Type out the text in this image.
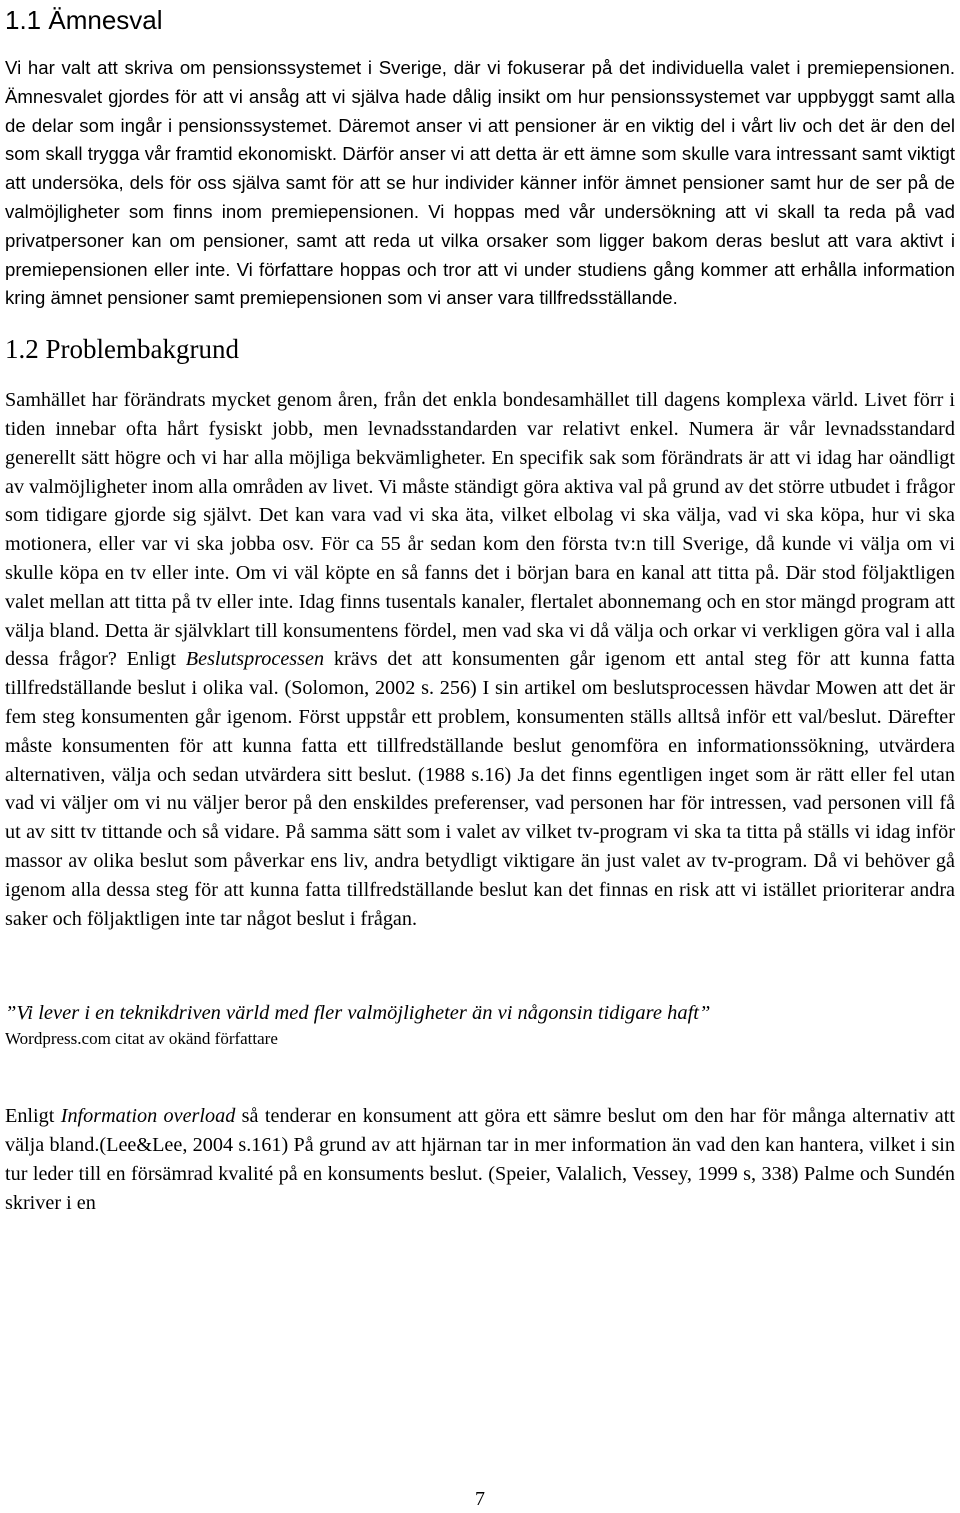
1.1 Ämnesval

Vi har valt att skriva om pensionssystemet i Sverige, där vi fokuserar på det individuella valet i premiepensionen. Ämnesvalet gjordes för att vi ansåg att vi själva hade dålig insikt om hur pensionssystemet var uppbyggt samt alla de delar som ingår i pensionssystemet. Däremot anser vi att pensioner är en viktig del i vårt liv och det är den del som skall trygga vår framtid ekonomiskt. Därför anser vi att detta är ett ämne som skulle vara intressant samt viktigt att undersöka, dels för oss själva samt för att se hur individer känner inför ämnet pensioner samt hur de ser på de valmöjligheter som finns inom premiepensionen. Vi hoppas med vår undersökning att vi skall ta reda på vad privatpersoner kan om pensioner, samt att reda ut vilka orsaker som ligger bakom deras beslut att vara aktivt i premiepensionen eller inte. Vi författare hoppas och tror att vi under studiens gång kommer att erhålla information kring ämnet pensioner samt premiepensionen som vi anser vara tillfredsställande.

1.2 Problembakgrund

Samhället har förändrats mycket genom åren, från det enkla bondesamhället till dagens komplexa värld. Livet förr i tiden innebar ofta hårt fysiskt jobb, men levnadsstandarden var relativt enkel. Numera är vår levnadsstandard generellt sätt högre och vi har alla möjliga bekvämligheter. En specifik sak som förändrats är att vi idag har oändligt av valmöjligheter inom alla områden av livet. Vi måste ständigt göra aktiva val på grund av det större utbudet i frågor som tidigare gjorde sig självt. Det kan vara vad vi ska äta, vilket elbolag vi ska välja, vad vi ska köpa, hur vi ska motionera, eller var vi ska jobba osv. För ca 55 år sedan kom den första tv:n till Sverige, då kunde vi välja om vi skulle köpa en tv eller inte. Om vi väl köpte en så fanns det i början bara en kanal att titta på. Där stod följaktligen valet mellan att titta på tv eller inte. Idag finns tusentals kanaler, flertalet abonnemang och en stor mängd program att välja bland. Detta är självklart till konsumentens fördel, men vad ska vi då välja och orkar vi verkligen göra val i alla dessa frågor? Enligt Beslutsprocessen krävs det att konsumenten går igenom ett antal steg för att kunna fatta tillfredställande beslut i olika val. (Solomon, 2002 s. 256) I sin artikel om beslutsprocessen hävdar Mowen att det är fem steg konsumenten går igenom. Först uppstår ett problem, konsumenten ställs alltså inför ett val/beslut. Därefter måste konsumenten för att kunna fatta ett tillfredställande beslut genomföra en informationssökning, utvärdera alternativen, välja och sedan utvärdera sitt beslut. (1988 s.16) Ja det finns egentligen inget som är rätt eller fel utan vad vi väljer om vi nu väljer beror på den enskildes preferenser, vad personen har för intressen, vad personen vill få ut av sitt tv tittande och så vidare. På samma sätt som i valet av vilket tv-program vi ska ta titta på ställs vi idag inför massor av olika beslut som påverkar ens liv, andra betydligt viktigare än just valet av tv-program. Då vi behöver gå igenom alla dessa steg för att kunna fatta tillfredställande beslut kan det finnas en risk att vi istället prioriterar andra saker och följaktligen inte tar något beslut i frågan.

”Vi lever i en teknikdriven värld med fler valmöjligheter än vi någonsin tidigare haft”
Wordpress.com citat av okänd författare

Enligt Information overload så tenderar en konsument att göra ett sämre beslut om den har för många alternativ att välja bland.(Lee&Lee, 2004 s.161) På grund av att hjärnan tar in mer information än vad den kan hantera, vilket i sin tur leder till en försämrad kvalité på en konsuments beslut. (Speier, Valalich, Vessey, 1999 s, 338) Palme och Sundén skriver i en

7
